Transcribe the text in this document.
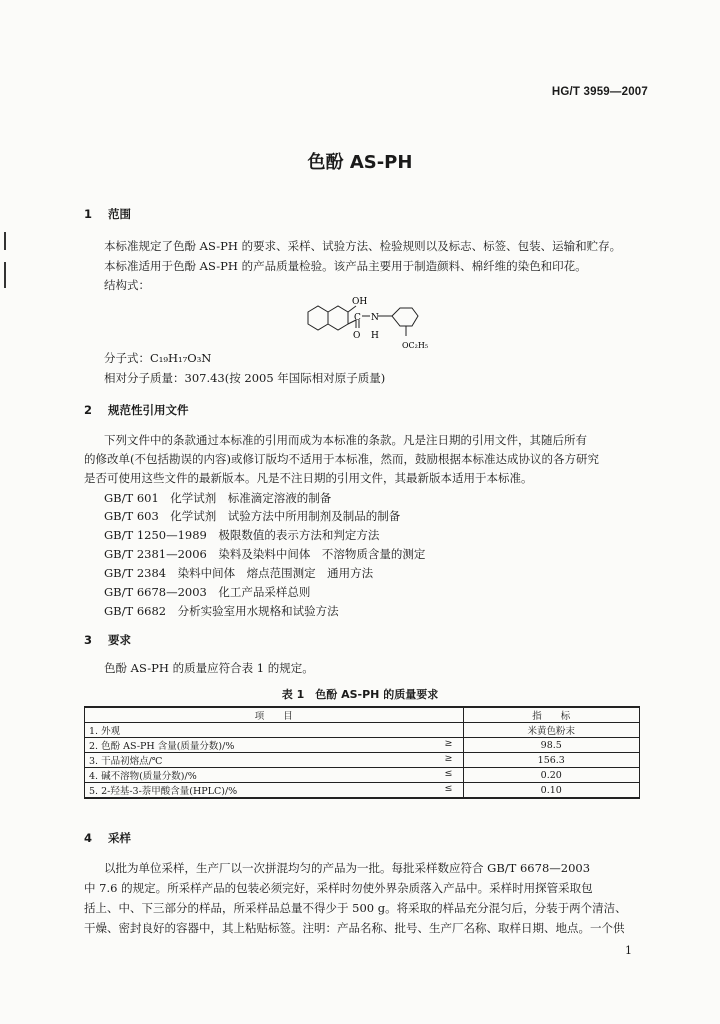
HG/T 3959—2007
色酚 AS-PH
1 范围
本标准规定了色酚 AS-PH 的要求、采样、试验方法、检验规则以及标志、标签、包装、运输和贮存。
本标准适用于色酚 AS-PH 的产品质量检验。该产品主要用于制造颜料、棉纤维的染色和印花。
结构式：
OH
C N
O H
OC₂H₅
分子式：C₁₉H₁₇O₃N
相对分子质量：307.43(按 2005 年国际相对原子质量)
2 规范性引用文件
下列文件中的条款通过本标准的引用而成为本标准的条款。凡是注日期的引用文件，其随后所有
的修改单(不包括勘误的内容)或修订版均不适用于本标准，然而，鼓励根据本标准达成协议的各方研究
是否可使用这些文件的最新版本。凡是不注日期的引用文件，其最新版本适用于本标准。
GB/T 601　 化学试剂　标准滴定溶液的制备
GB/T 603　 化学试剂　试验方法中所用制剂及制品的制备
GB/T 1250—1989　 极限数值的表示方法和判定方法
GB/T 2381—2006　 染料及染料中间体　不溶物质含量的测定
GB/T 2384　 染料中间体　熔点范围测定　通用方法
GB/T 6678—2003　 化工产品采样总则
GB/T 6682　 分析实验室用水规格和试验方法
3 要求
色酚 AS-PH 的质量应符合表 1 的规定。
表 1　色酚 AS-PH 的质量要求
项　　目	指　　标
1. 外观	米黄色粉末
2. 色酚 AS-PH 含量(质量分数)/% ≥	98.5
3. 干品初熔点/℃ ≥	156.3
4. 碱不溶物(质量分数)/% ≤	0.20
5. 2-羟基-3-萘甲酸含量(HPLC)/% ≤	0.10
4 采样
以批为单位采样，生产厂以一次拼混均匀的产品为一批。每批采样数应符合 GB/T 6678—2003
中 7.6 的规定。所采样产品的包装必须完好，采样时勿使外界杂质落入产品中。采样时用探管采取包
括上、中、下三部分的样品，所采样品总量不得少于 500 g。将采取的样品充分混匀后，分装于两个清洁、
干燥、密封良好的容器中，其上粘贴标签。注明：产品名称、批号、生产厂名称、取样日期、地点。一个供
1
